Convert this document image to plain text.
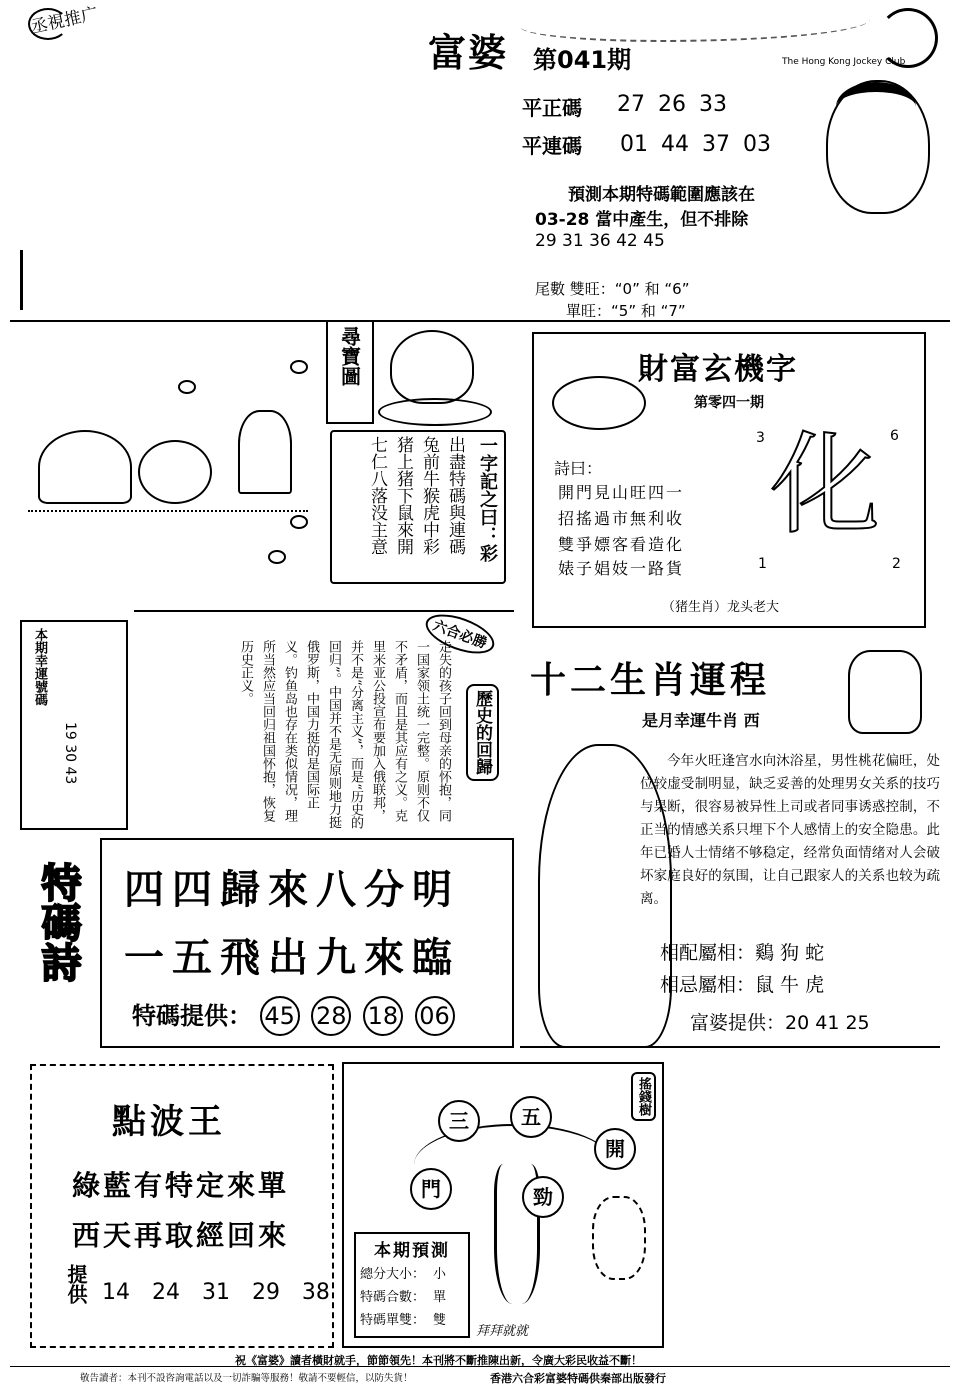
丞視推广
富婆 第041期	The Hong Kong Jockey Club
平正碼 27 26 33
平連碼 01 44 37 03
預測本期特碼範圍應該在
03-28 當中產生，但不排除
29 31 36 42 45
尾數 雙旺：“0” 和 “6”
單旺：“5” 和 “7”
尋寶圖
一字記之曰：彩
出盡特碼與連碼
兔前牛猴虎中彩
猪上猪下鼠來開
七仁八落没主意
財富玄機字
第零四一期
詩曰：
開門見山旺四一
招搖過市無利收
雙爭嫖客看造化
婊子娼妓一路貨
3	6
1	2
化
（猪生肖）龙头老大
本期幸運號碼
19 30 43
六合必勝
歷史的回歸
走失的孩子回到母亲的怀抱，同一国家领土统一完整。原则不仅不矛盾，而且是其应有之义。克里米亚公投宣布要加入俄联邦，并不是“分离主义”，而是“历史的回归”。中国并不是无原则地力挺俄罗斯，中国力挺的是国际正义。钓鱼岛也存在类似情况，理所当然应当回归祖国怀抱，恢复历史正义。	十二生肖運程
是月幸運牛肖 西
今年火旺逢宫水向沐浴星，男性桃花偏旺，处位较虚受制明显，缺乏妥善的处理男女关系的技巧与果断，很容易被异性上司或者同事诱惑控制，不正当的情感关系只埋下个人感情上的安全隐患。此年已婚人士情绪不够稳定，经常负面情绪对人会破坏家庭良好的氛围，让自己跟家人的关系也较为疏离。
相配屬相：鷄 狗 蛇
相忌屬相：鼠 牛 虎
富婆提供：20 41 25
特碼詩 四四歸來八分明
一五飛出九來臨
特碼提供： 45 28 18 06
點波王
綠藍有特定來單
西天再取經回來
提供 14  24  31  29  38
搖錢樹
三	五
開
門	勁
拜拜就就
本期預測
總分大小：	小
特碼合數：	單
特碼單雙：	雙
祝《富婆》讀者橫財就手，節節領先！本刊將不斷推陳出新，令廣大彩民收益不斷！
敬告讀者：本刊不設咨詢電話以及一切詐騙等服務！敬請不要輕信，以防失貨！	香港六合彩富婆特碼供秦部出版發行
